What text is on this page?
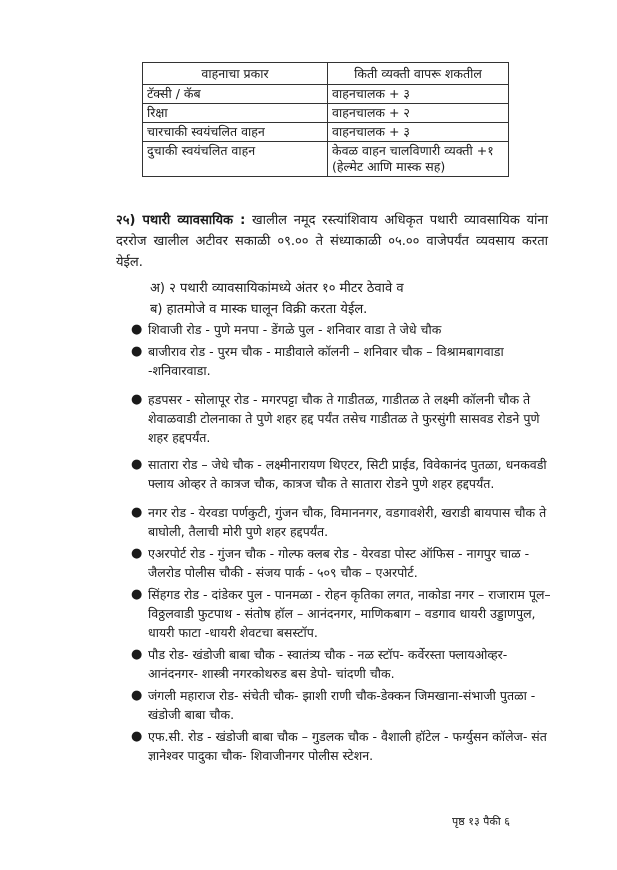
वाहनाचा प्रकार	किती व्यक्ती वापरू शकतील
टॅक्सी / कॅब	वाहनचालक + ३
रिक्षा	वाहनचालक + २
चारचाकी स्वयंचलित वाहन	वाहनचालक + ३
दुचाकी स्वयंचलित वाहन	केवळ वाहन चालविणारी व्यक्ती +१ (हेल्मेट आणि मास्क सह)
२५) पथारी व्यावसायिक : खालील नमूद रस्त्यांशिवाय अधिकृत पथारी व्यावसायिक यांना दररोज खालील अटीवर सकाळी ०९.०० ते संध्याकाळी ०५.०० वाजेपर्यंत व्यवसाय करता येईल.
अ) २ पथारी व्यावसायिकांमध्ये अंतर १० मीटर ठेवावे व
ब) हातमोजे व मास्क घालून विक्री करता येईल.
● शिवाजी रोड - पुणे मनपा - डेंगळे पुल - शनिवार वाडा ते जेधे चौक
● बाजीराव रोड - पुरम चौक - माडीवाले कॉलनी – शनिवार चौक – विश्रामबागवाडा -शनिवारवाडा.
● हडपसर - सोलापूर रोड - मगरपट्टा चौक ते गाडीतळ, गाडीतळ ते लक्ष्मी कॉलनी चौक ते शेवाळवाडी टोलनाका ते पुणे शहर हद्द पर्यंत तसेच गाडीतळ ते फुरसुंगी सासवड रोडने पुणे शहर हद्दपर्यंत.
● सातारा रोड – जेधे चौक - लक्ष्मीनारायण थिएटर, सिटी प्राईड, विवेकानंद पुतळा, धनकवडी फ्लाय ओव्हर ते कात्रज चौक, कात्रज चौक ते सातारा रोडने पुणे शहर हद्दपर्यंत.
● नगर रोड - येरवडा पर्णकुटी, गुंजन चौक, विमाननगर, वडगावशेरी, खराडी बायपास चौक ते बाघोली, तैलाची मोरी पुणे शहर हद्दपर्यंत.
● एअरपोर्ट रोड - गुंजन चौक - गोल्फ क्लब रोड - येरवडा पोस्ट ऑफिस - नागपुर चाळ - जैलरोड पोलीस चौकी - संजय पार्क - ५०९ चौक – एअरपोर्ट.
● सिंहगड रोड - दांडेकर पुल - पानमळा - रोहन कृतिका लगत, नाकोडा नगर – राजाराम पूल– विठ्ठलवाडी फुटपाथ - संतोष हॉल – आनंदनगर, माणिकबाग – वडगाव धायरी उड्डाणपुल, धायरी फाटा -धायरी शेवटचा बसस्टॉप.
● पौड रोड- खंडोजी बाबा चौक - स्वातंत्र्य चौक - नळ स्टॉप- कर्वेरस्ता फ्लायओव्हर- आनंदनगर- शास्त्री नगरकोथरुड बस डेपो- चांदणी चौक.
● जंगली महाराज रोड- संचेती चौक- झाशी राणी चौक-डेक्कन जिमखाना-संभाजी पुतळा - खंडोजी बाबा चौक.
● एफ.सी. रोड - खंडोजी बाबा चौक – गुडलक चौक - वैशाली हॉटेल - फर्ग्युसन कॉलेज- संत ज्ञानेश्वर पादुका चौक- शिवाजीनगर पोलीस स्टेशन.
पृष्ठ १३ पैकी ६
